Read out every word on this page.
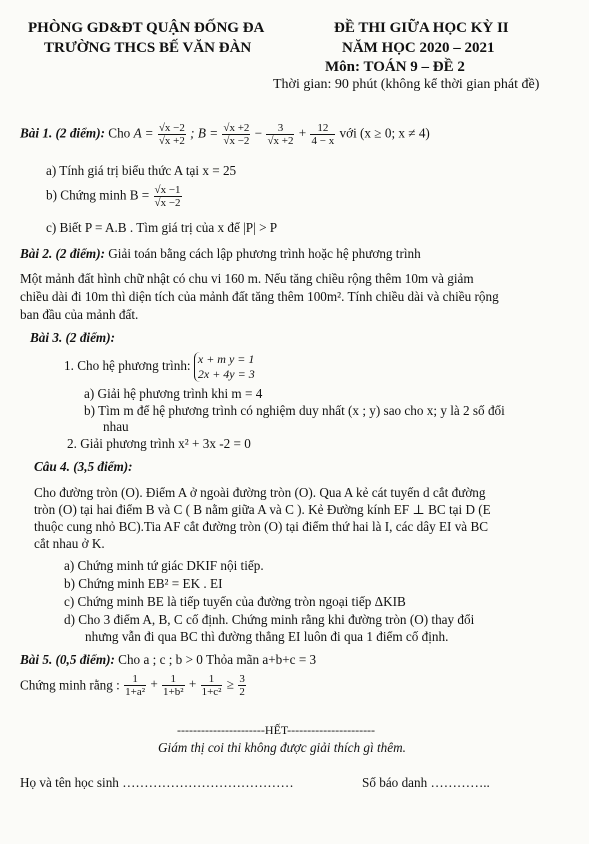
PHÒNG GD&ĐT QUẬN ĐỐNG ĐA
TRƯỜNG THCS BẾ VĂN ĐÀN
ĐỀ THI GIỮA HỌC KỲ II
NĂM HỌC 2020 – 2021
Môn: TOÁN 9 – ĐỀ 2
Thời gian: 90 phút (không kể thời gian phát đề)
Bài 1. (2 điểm): Cho $A = \frac{√x -2}{√x +2}$ ; $B = \frac{√x +2}{√x -2} - \frac{3}{√x +2} + \frac{12}{4 - x}$ với (x ≥ 0; x ≠ 4)
a) Tính giá trị biểu thức A tại x = 25
b) Chứng minh $B = \frac{√x -1}{√x -2}$
c) Biết P = A.B . Tìm giá trị của x để |P| > P
Bài 2. (2 điểm): Giải toán bằng cách lập phương trình hoặc hệ phương trình
Một mảnh đất hình chữ nhật có chu vi 160 m. Nếu tăng chiều rộng thêm 10m và giảm
chiều dài đi 10m thì diện tích của mảnh đất tăng thêm 100m². Tính chiều dài và chiều rộng
ban đầu của mảnh đất.
Bài 3. (2 điểm):
1. Cho hệ phương trình: x + m y = 1
2x + 4y = 3
a) Giải hệ phương trình khi m = 4
b) Tìm m để hệ phương trình có nghiệm duy nhất (x ; y) sao cho x; y là 2 số đối
nhau
2. Giải phương trình x² + 3x -2 = 0
Câu 4. (3,5 điểm):
Cho đường tròn (O). Điểm A ở ngoài đường tròn (O). Qua A kẻ cát tuyến d cắt đường
tròn (O) tại hai điểm B và C ( B nằm giữa A và C ). Kẻ Đường kính EF ⊥ BC tại D (E
thuộc cung nhỏ BC).Tia AF cắt đường tròn (O) tại điểm thứ hai là I, các dây EI và BC
cắt nhau ở K.
a) Chứng minh tứ giác DKIF nội tiếp.
b) Chứng minh EB² = EK . EI
c) Chứng minh BE là tiếp tuyến của đường tròn ngoại tiếp ΔKIB
d) Cho 3 điểm A, B, C cố định. Chứng minh rằng khi đường tròn (O) thay đổi
nhưng vẫn đi qua BC thì đường thẳng EI luôn đi qua 1 điểm cố định.
Bài 5. (0,5 điểm): Cho a ; c ; b > 0 Thỏa mãn a+b+c = 3
Chứng minh rằng : $\frac{1}{\text{1+a²}} + \frac{1}{\text{1+b²}} + \frac{1}{\text{1+c²}} \ge \frac{3}{2}$
----------------------HẾT----------------------
Giám thị coi thi không được giải thích gì thêm.
Họ và tên học sinh …………………………………	Số báo danh …………..
